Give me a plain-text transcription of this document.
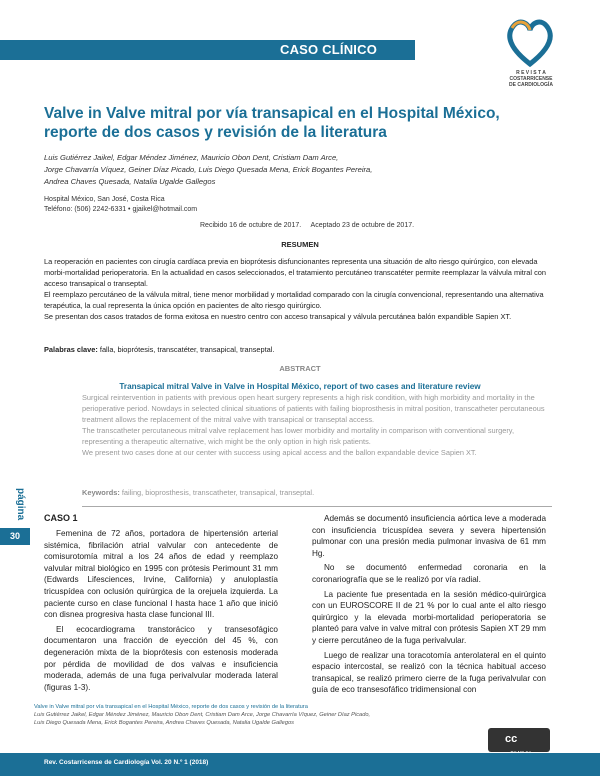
CASO CLÍNICO
R E V I S T A
COSTARRICENSE
DE CARDIOLOGÍA
Valve in Valve mitral por vía transapical en el Hospital México, reporte de dos casos y revisión de la literatura
Luis Gutiérrez Jaikel, Edgar Méndez Jiménez, Mauricio Obon Dent, Cristiam Dam Arce,
Jorge Chavarría Víquez, Geiner Díaz Picado, Luis Diego Quesada Mena, Erick Bogantes Pereira,
Andrea Chaves Quesada, Natalia Ugalde Gallegos
Hospital México, San José, Costa Rica
Teléfono: (506) 2242-6331 • gjaikel@hotmail.com
Recibido 16 de octubre de 2017. Aceptado 23 de octubre de 2017.
RESUMEN

La reoperación en pacientes con cirugía cardíaca previa en bioprótesis disfuncionantes representa una situación de alto riesgo quirúrgico, con elevada morbi-mortalidad perioperatoria. En la actualidad en casos seleccionados, el tratamiento percutáneo transcatéter permite reemplazar la válvula mitral con acceso transapical o transeptal.

El reemplazo percutáneo de la válvula mitral, tiene menor morbilidad y mortalidad comparado con la cirugía convencional, representando una alternativa terapéutica, la cual representa la única opción en pacientes de alto riesgo quirúrgico.

Se presentan dos casos tratados de forma exitosa en nuestro centro con acceso transapical y válvula percutánea balón expandible Sapien XT.

Palabras clave: falla, bioprótesis, transcatéter, transapical, transeptal.
ABSTRACT
Transapical mitral Valve in Valve in Hospital México, report of two cases and literature review

Surgical reintervention in patients with previous open heart surgery represents a high risk condition, with high morbidity and mortality in the perioperative period. Nowdays in selected clinical situations of patients with failing bioprosthesis in mitral position, transcatheter percutaneous treatment allows the replacement of the mitral valve with transapical or transeptal access.

The transcatheter percutaneous mitral valve replacement has lower morbidity and mortality in comparison with conventional surgery, representing a therapeutic alternative, wich might be the only option in high risk patients.

We present two cases done at our center with success using apical access and the ballon expandable device Sapien XT.

Keywords: failing, bioprosthesis, transcatheter, transapical, transeptal.
página
30
CASO 1

Femenina de 72 años, portadora de hipertensión arterial sistémica, fibrilación atrial valvular con antecedente de comisurotomía mitral a los 24 años de edad y reemplazo valvular mitral biológico en 1995 con prótesis Perimount 31 mm (Edwards Lifesciences, Irvine, California) y anuloplastía tricuspídea con oclusión quirúrgica de la orejuela izquierda. La paciente curso en clase funcional I hasta hace 1 año que inició con disnea progresiva hasta clase funcional III.

El ecocardiograma transtorácico y transesofágico documentaron una fracción de eyección del 45 %, con degeneración mixta de la bioprótesis con estenosis moderada por pérdida de movilidad de dos valvas e insuficiencia moderada, además de una fuga perivalvular moderada lateral (figuras 1-3).

Además se documentó insuficiencia aórtica leve a moderada con insuficiencia tricuspídea severa y severa hipertensión pulmonar con una presión media pulmonar invasiva de 61 mm Hg.

No se documentó enfermedad coronaria en la coronariografía que se le realizó por vía radial.

La paciente fue presentada en la sesión médico-quirúrgica con un EUROSCORE II de 21 % por lo cual ante el alto riesgo quirúrgico y la elevada morbi-mortalidad perioperatoria se planteó para valve in valve mitral con prótesis Sapien XT 29 mm y cierre percutáneo de la fuga perivalvular.

Luego de realizar una toracotomía anterolateral en el quinto espacio intercostal, se realizó con la técnica habitual acceso transapical, se realizó primero cierre de la fuga perivalvular con guía de eco transesofáfico tridimensional con

Valve in Valve mitral por vía transapical en el Hospital México, reporte de dos casos y revisión de la literatura
Luis Gutiérrez Jaikel, Edgar Méndez Jiménez, Mauricio Obon Dent, Cristiam Dam Arce, Jorge Chavarría Víquez, Geiner Díaz Picado,
Luis Diego Quesada Mena, Erick Bogantes Pereira, Andrea Chaves Quesada, Natalia Ugalde Gallegos
cc
Rev. Costarricense de Cardiología Vol. 20 N.º 1 (2018)
